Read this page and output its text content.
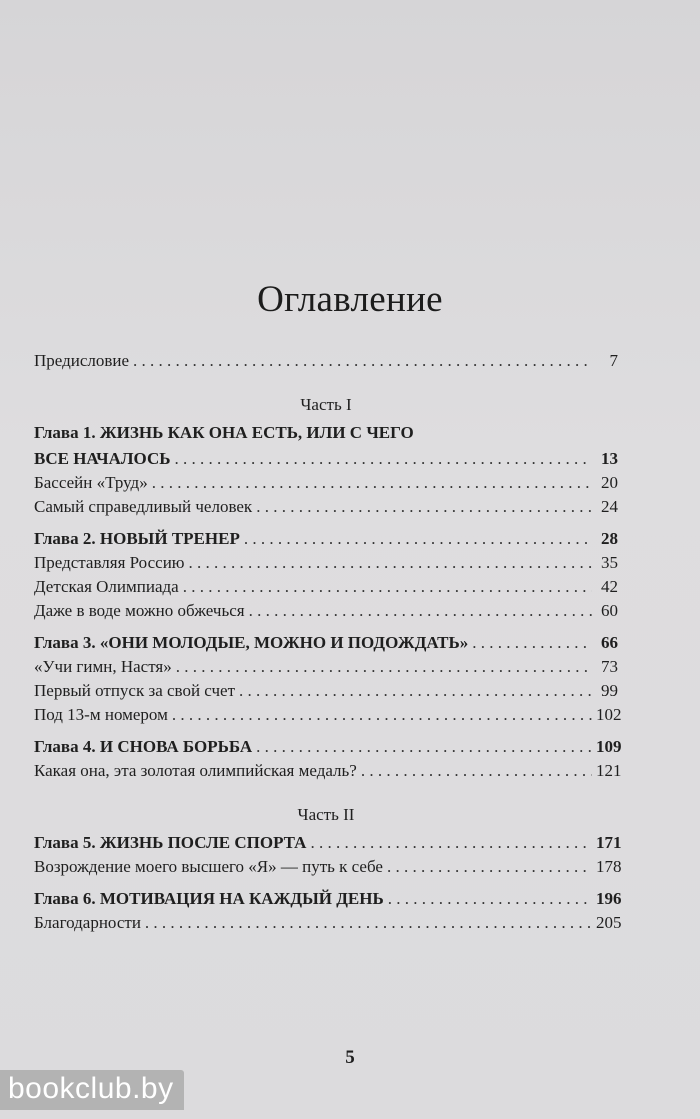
Оглавление
Предисловие . . .	7
Часть I
Глава 1. ЖИЗНЬ КАК ОНА ЕСТЬ, ИЛИ С ЧЕГО
ВСЕ НАЧАЛОСЬ . . .	13
Бассейн «Труд» . . .	20
Самый справедливый человек . . .	24
Глава 2. НОВЫЙ ТРЕНЕР . . .	28
Представляя Россию . . .	35
Детская Олимпиада . . .	42
Даже в воде можно обжечься . . .	60
Глава 3. «ОНИ МОЛОДЫЕ, МОЖНО И ПОДОЖДАТЬ» . . .	66
«Учи гимн, Настя» . . .	73
Первый отпуск за свой счет . . .	99
Под 13-м номером . . .	102
Глава 4. И СНОВА БОРЬБА . . .	109
Какая она, эта золотая олимпийская медаль? . . .	121
Часть II
Глава 5. ЖИЗНЬ ПОСЛЕ СПОРТА . . .	171
Возрождение моего высшего «Я» — путь к себе . . .	178
Глава 6. МОТИВАЦИЯ НА КАЖДЫЙ ДЕНЬ . . .	196
Благодарности . . .	205
5
bookclub.by
